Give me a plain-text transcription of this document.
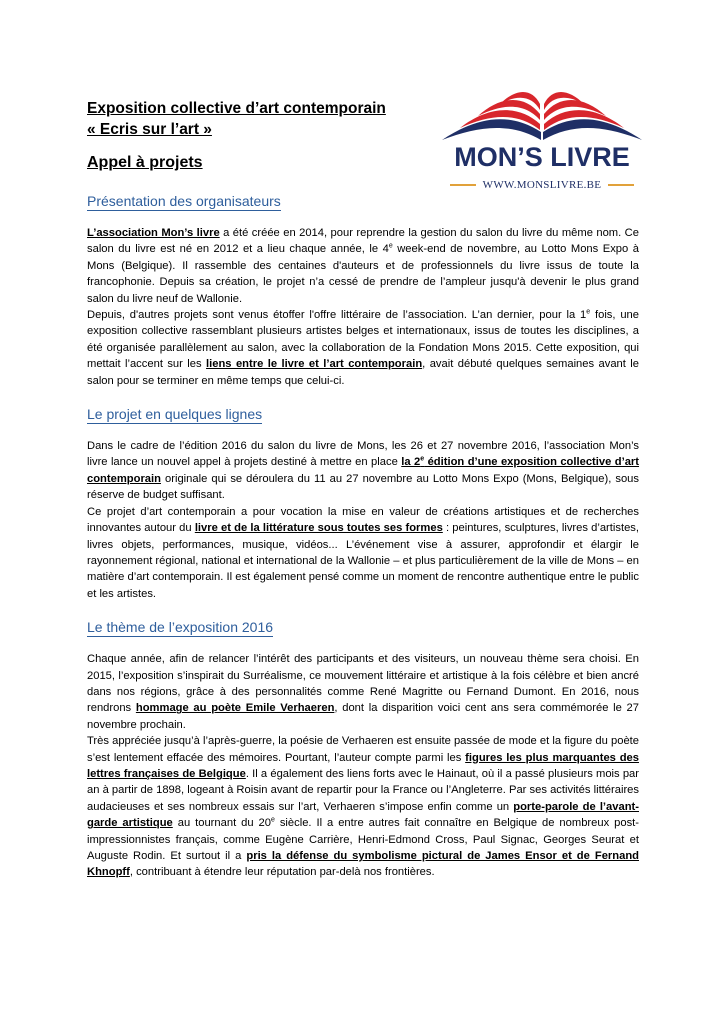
Exposition collective d’art contemporain
« Ecris sur l’art »
Appel à projets	MON’S LIVRE
WWW.MONSLIVRE.BE
Présentation des organisateurs

L’association Mon’s livre a été créée en 2014, pour reprendre la gestion du salon du livre du même nom. Ce salon du livre est né en 2012 et a lieu chaque année, le 4e week-end de novembre, au Lotto Mons Expo à Mons (Belgique). Il rassemble des centaines d'auteurs et de professionnels du livre issus de toute la francophonie. Depuis sa création, le projet n’a cessé de prendre de l’ampleur jusqu'à devenir le plus grand salon du livre neuf de Wallonie.

Depuis, d'autres projets sont venus étoffer l'offre littéraire de l’association. L’an dernier, pour la 1e fois, une exposition collective rassemblant plusieurs artistes belges et internationaux, issus de toutes les disciplines, a été organisée parallèlement au salon, avec la collaboration de la Fondation Mons 2015. Cette exposition, qui mettait l’accent sur les liens entre le livre et l’art contemporain, avait débuté quelques semaines avant le salon pour se terminer en même temps que celui-ci.

Le projet en quelques lignes

Dans le cadre de l’édition 2016 du salon du livre de Mons, les 26 et 27 novembre 2016, l’association Mon’s livre lance un nouvel appel à projets destiné à mettre en place la 2e édition d’une exposition collective d’art contemporain originale qui se déroulera du 11 au 27 novembre au Lotto Mons Expo (Mons, Belgique), sous réserve de budget suffisant.

Ce projet d’art contemporain a pour vocation la mise en valeur de créations artistiques et de recherches innovantes autour du livre et de la littérature sous toutes ses formes : peintures, sculptures, livres d’artistes, livres objets, performances, musique, vidéos... L’événement vise à assurer, approfondir et élargir le rayonnement régional, national et international de la Wallonie – et plus particulièrement de la ville de Mons – en matière d’art contemporain. Il est également pensé comme un moment de rencontre authentique entre le public et les artistes.

Le thème de l’exposition 2016

Chaque année, afin de relancer l’intérêt des participants et des visiteurs, un nouveau thème sera choisi. En 2015, l’exposition s’inspirait du Surréalisme, ce mouvement littéraire et artistique à la fois célèbre et bien ancré dans nos régions, grâce à des personnalités comme René Magritte ou Fernand Dumont. En 2016, nous rendrons hommage au poète Emile Verhaeren, dont la disparition voici cent ans sera commémorée le 27 novembre prochain.

Très appréciée jusqu’à l’après-guerre, la poésie de Verhaeren est ensuite passée de mode et la figure du poète s’est lentement effacée des mémoires. Pourtant, l’auteur compte parmi les figures les plus marquantes des lettres françaises de Belgique. Il a également des liens forts avec le Hainaut, où il a passé plusieurs mois par an à partir de 1898, logeant à Roisin avant de repartir pour la France ou l’Angleterre. Par ses activités littéraires audacieuses et ses nombreux essais sur l’art, Verhaeren s’impose enfin comme un porte-parole de l’avant-garde artistique au tournant du 20e siècle. Il a entre autres fait connaître en Belgique de nombreux post-impressionnistes français, comme Eugène Carrière, Henri-Edmond Cross, Paul Signac, Georges Seurat et Auguste Rodin. Et surtout il a pris la défense du symbolisme pictural de James Ensor et de Fernand Khnopff, contribuant à étendre leur réputation par-delà nos frontières.
